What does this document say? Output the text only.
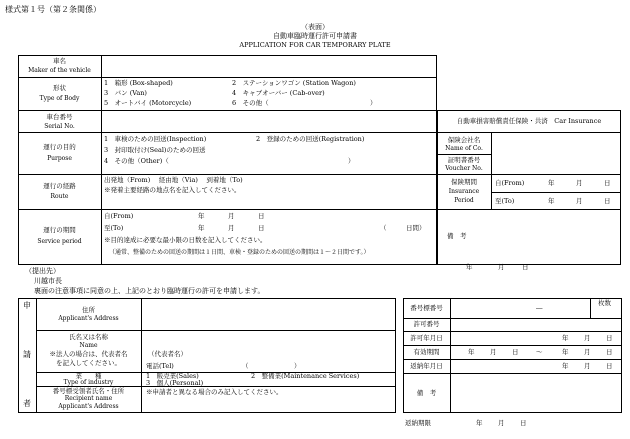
様式第１号（第２条関係）
（表面）
自動車臨時運行許可申請書
APPLICATION FOR CAR TEMPORARY PLATE
車名
Maker of the vehicle
形状
Type of Body
1　箱形 (Box-shaped)	2　ステーションワゴン (Station Wagon)
3　バン (Van)	4　キャブオーバー (Cab-over)
5　オートバイ (Motorcycle)	6　その他（	）
車台番号
Serial No.
自動車損害賠償責任保険・共済　Car Insurance
運行の目的
Purpose
1　車検のための回送(Inspection)	2　登録のための回送(Registration)
3　封印取付け(Seal)のための回送
4　その他（Other)（	）
保険会社名
Name of Co.
証明書番号
Voucher No.
運行の経路
Route
出発地（From)　 経由地（Via)　 到着地（To)
※発着主要経路の地点名を記入してください。
保険期間
Insurance
Period
自(From)	年	月	日
至(To)	年	月	日
運行の期間
Service period
自(From)	年	月	日
至(To)	年	月	日	（　　　日間）
※目的達成に必要な最小限の日数を記入してください。
（通常、整備のための回送の期間は１日間、車検・登録のための回送の期間は１～２日間です。）
備　考
年	月	日
（提出先）
川越市長
裏面の注意事項に同意の上、上記のとおり臨時運行の許可を申請します。
申
請
者
住所
Applicant's Address
氏名又は名称
Name
※法人の場合は、代表者名
を記入してください。
（代表者名）
電話(Tel)	（　　　　　　　）
業　　種
Type of industry
1　販売業(Sales)	2　整備業(Maintenance Services)
3　個人(Personal)
番号標受領者氏名・住所
Recipient name
Applicant's Address
※申請者と異なる場合のみ記入してください。
番号標番号	―
枚数
許可番号
許可年月日	年 月 日
有効期間	年 月 日	～	年 月 日
返納年月日	年 月 日
備　考
返納期限	年 月 日
